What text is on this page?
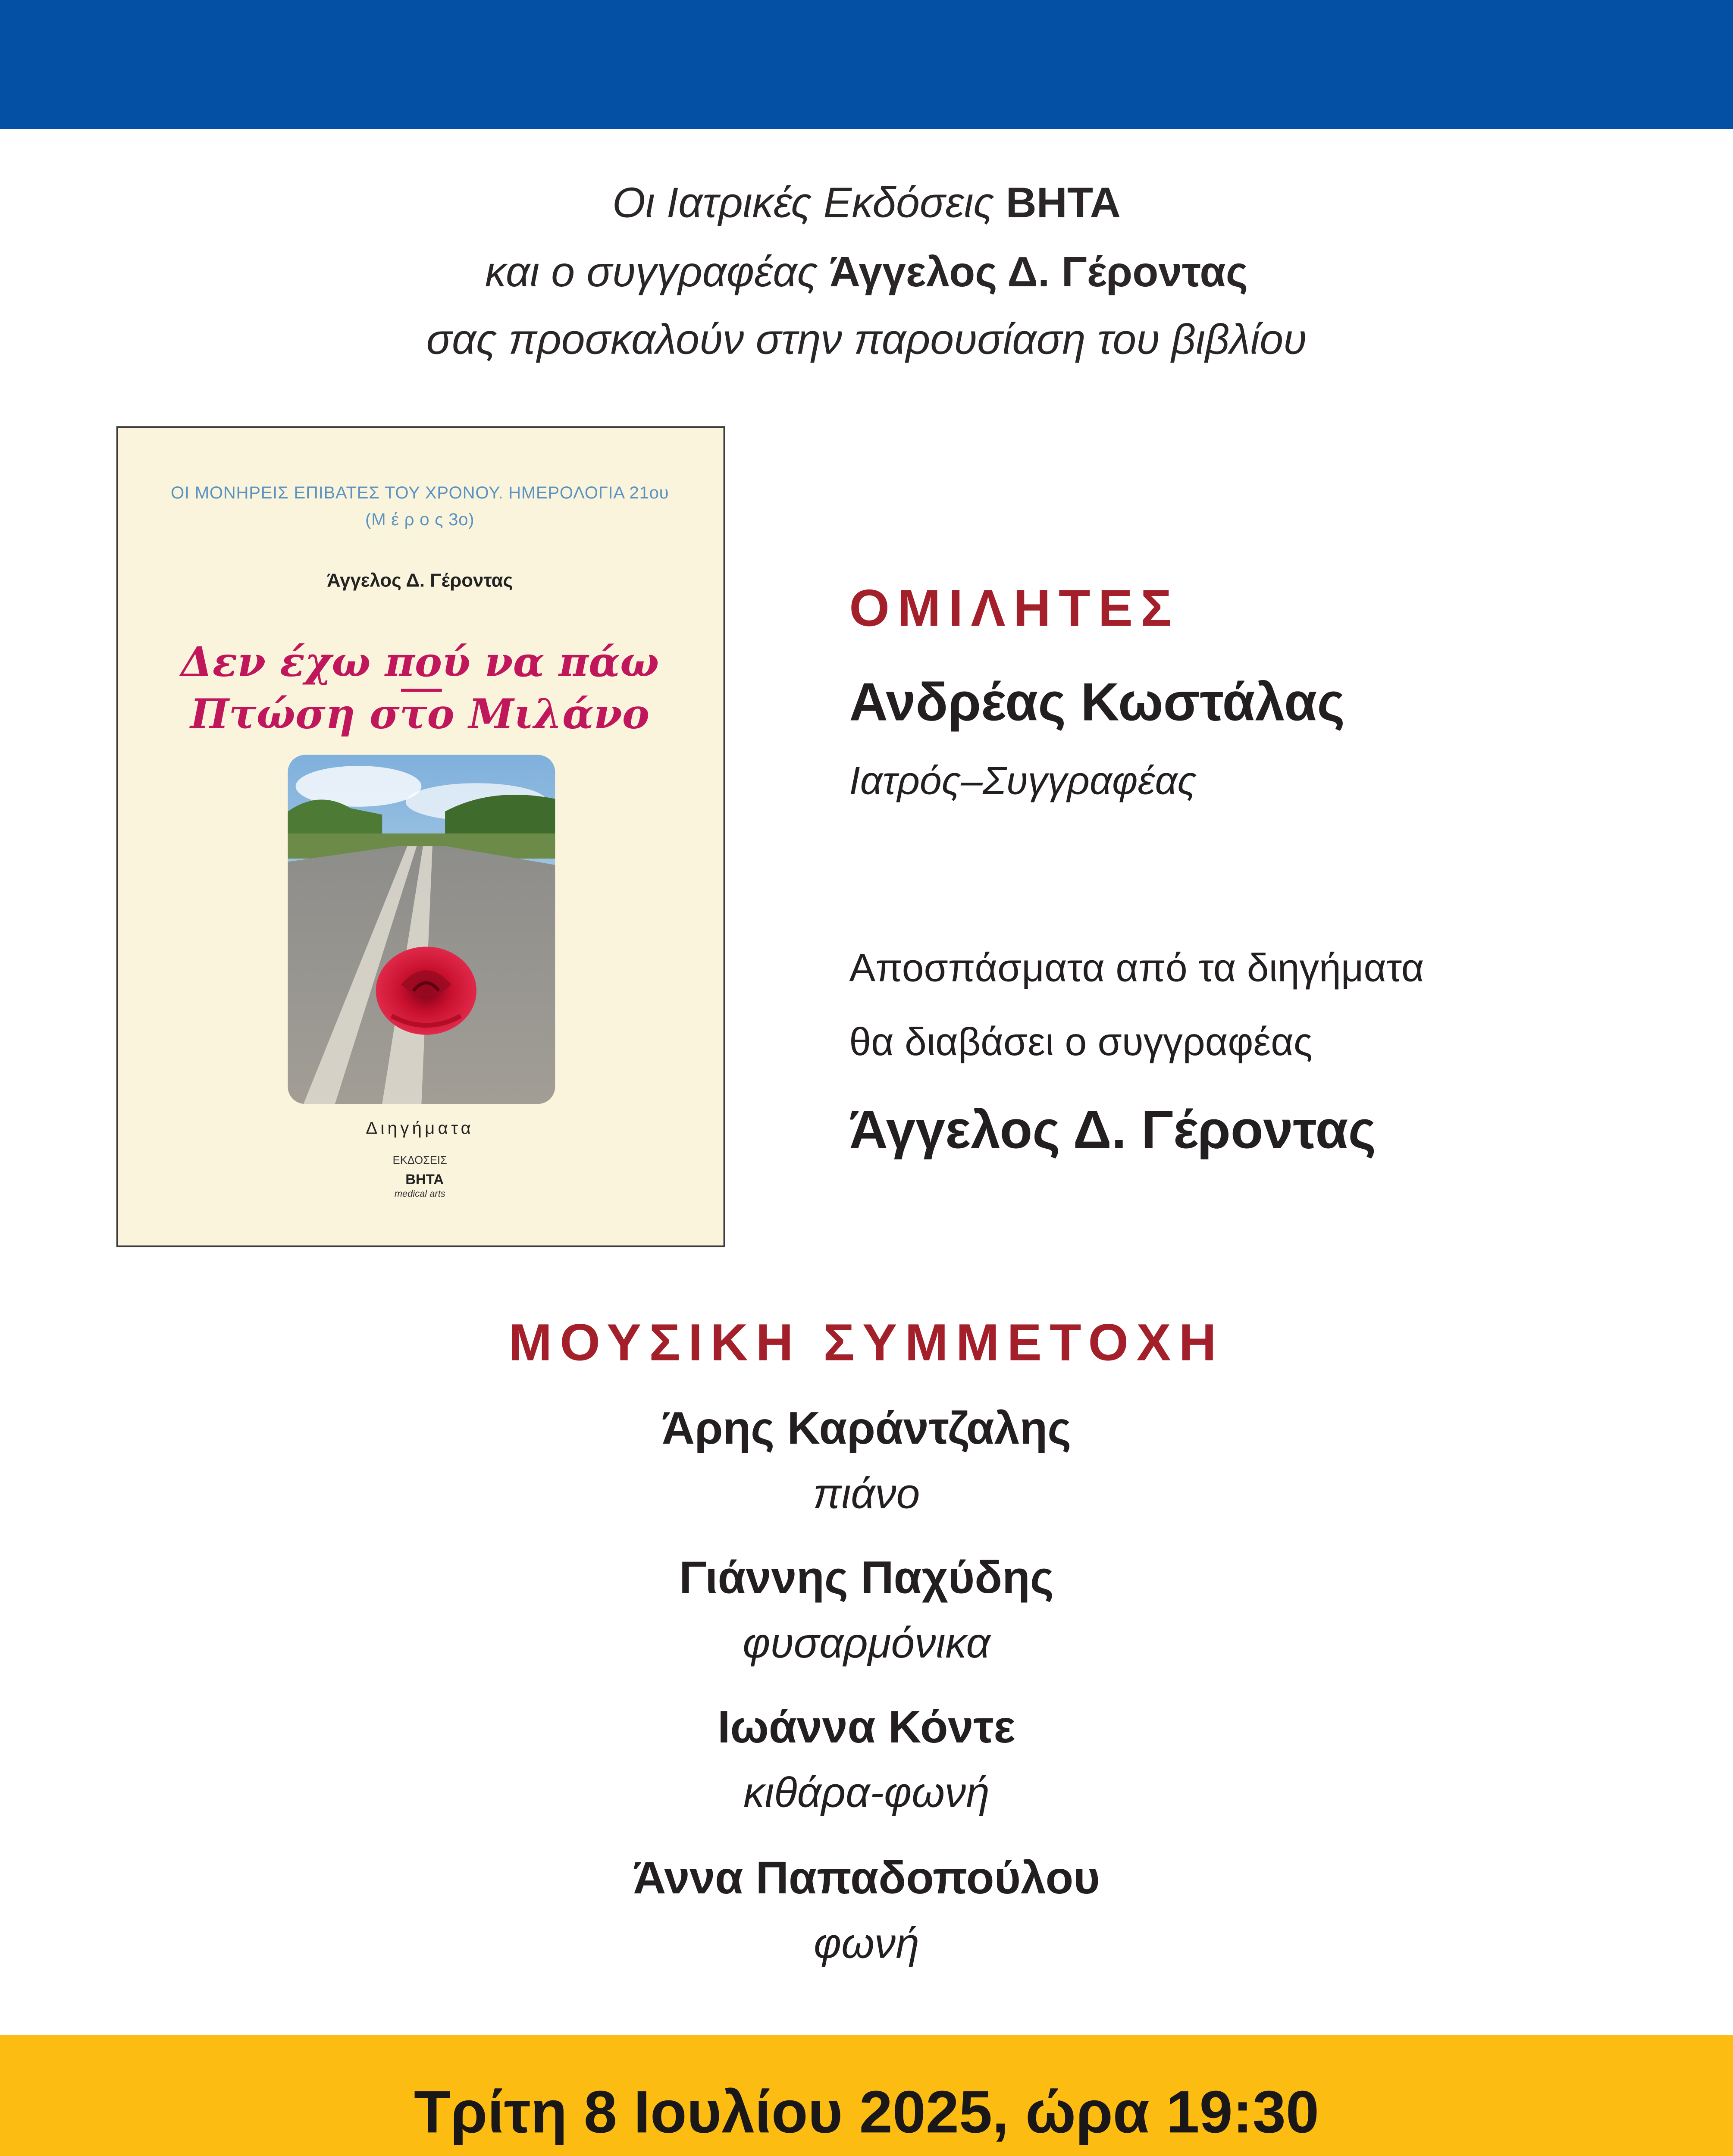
Οι Ιατρικές Εκδόσεις ΒΗΤΑ
και ο συγγραφέας Άγγελος Δ. Γέροντας
σας προσκαλούν στην παρουσίαση του βιβλίου
ΟΙ ΜΟΝΗΡΕΙΣ ΕΠΙΒΑΤΕΣ ΤΟΥ ΧΡΟΝΟΥ. ΗΜΕΡΟΛΟΓΙΑ 21ου
(Μ έ ρ ο ς 3ο)
Άγγελος Δ. Γέροντας
Δεν έχω πού να πάω
Πτώση στο Μιλάνο
Διηγήματα
ΕΚΔΟΣΕΙΣ
ΒΗΤΑ
medical arts
ΟΜΙΛΗΤΕΣ
Ανδρέας Κωστάλας
Ιατρός–Συγγραφέας
Αποσπάσματα από τα διηγήματα
θα διαβάσει ο συγγραφέας
Άγγελος Δ. Γέροντας
ΜΟΥΣΙΚΗ ΣΥΜΜΕΤΟΧΗ
Άρης Καράντζαλης
πιάνο
Γιάννης Παχύδης
φυσαρμόνικα
Ιωάννα Κόντε
κιθάρα-φωνή
Άννα Παπαδοπούλου
φωνή
Τρίτη 8 Ιουλίου 2025, ώρα 19:30
